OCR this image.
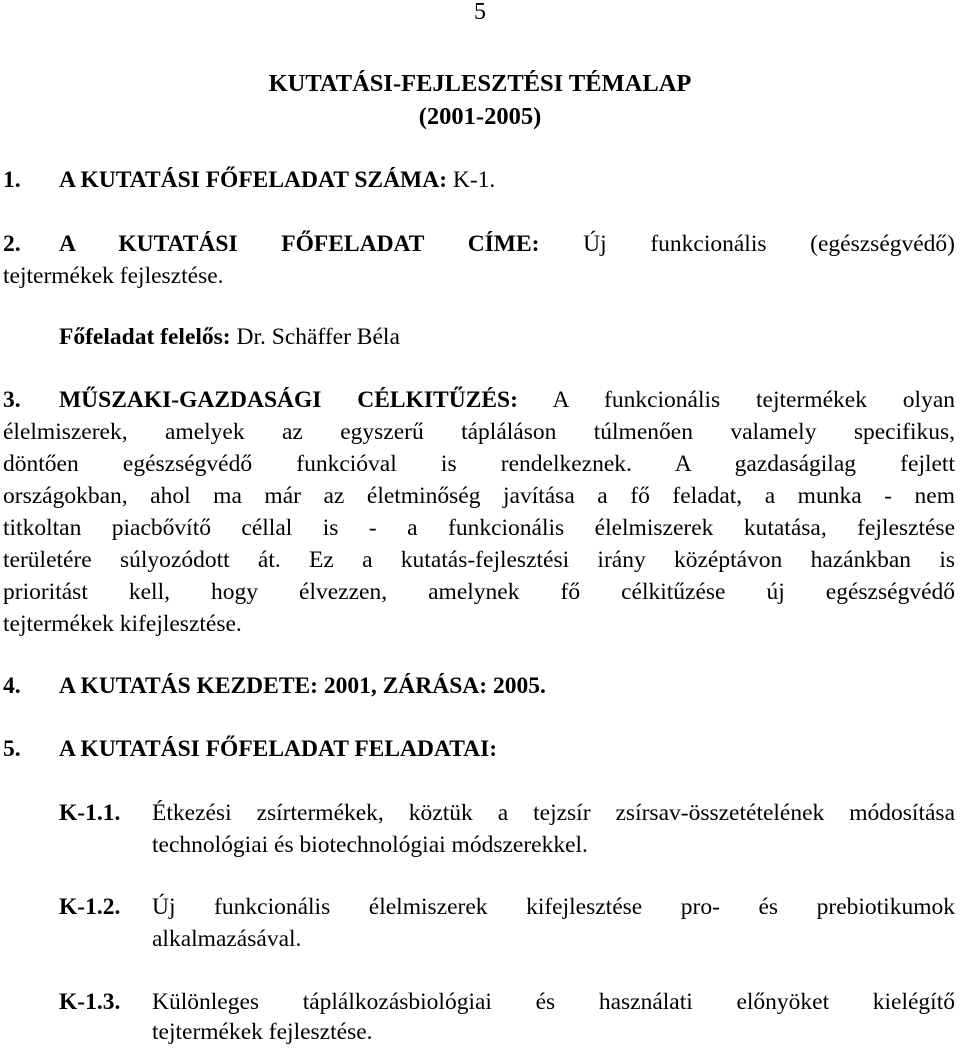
5
KUTATÁSI-FEJLESZTÉSI TÉMALAP
(2001-2005)
1. A KUTATÁSI FŐFELADAT SZÁMA: K-1.
2. A KUTATÁSI FŐFELADAT CÍME: Új funkcionális (egészségvédő)
tejtermékek fejlesztése.
Főfeladat felelős: Dr. Schäffer Béla
3. MŰSZAKI-GAZDASÁGI CÉLKITŰZÉS: A funkcionális tejtermékek olyan
élelmiszerek, amelyek az egyszerű tápláláson túlmenően valamely specifikus,
döntően egészségvédő funkcióval is rendelkeznek. A gazdaságilag fejlett
országokban, ahol ma már az életminőség javítása a fő feladat, a munka - nem
titkoltan piacbővítő céllal is - a funkcionális élelmiszerek kutatása, fejlesztése
területére súlyozódott át. Ez a kutatás-fejlesztési irány középtávon hazánkban is
prioritást kell, hogy élvezzen, amelynek fő célkitűzése új egészségvédő
tejtermékek kifejlesztése.
4. A KUTATÁS KEZDETE: 2001, ZÁRÁSA: 2005.
5. A KUTATÁSI FŐFELADAT FELADATAI:
K-1.1. Étkezési zsírtermékek, köztük a tejzsír zsírsav-összetételének módosítása
technológiai és biotechnológiai módszerekkel.
K-1.2. Új funkcionális élelmiszerek kifejlesztése pro- és prebiotikumok
alkalmazásával.
K-1.3. Különleges táplálkozásbiológiai és használati előnyöket kielégítő
tejtermékek fejlesztése.
